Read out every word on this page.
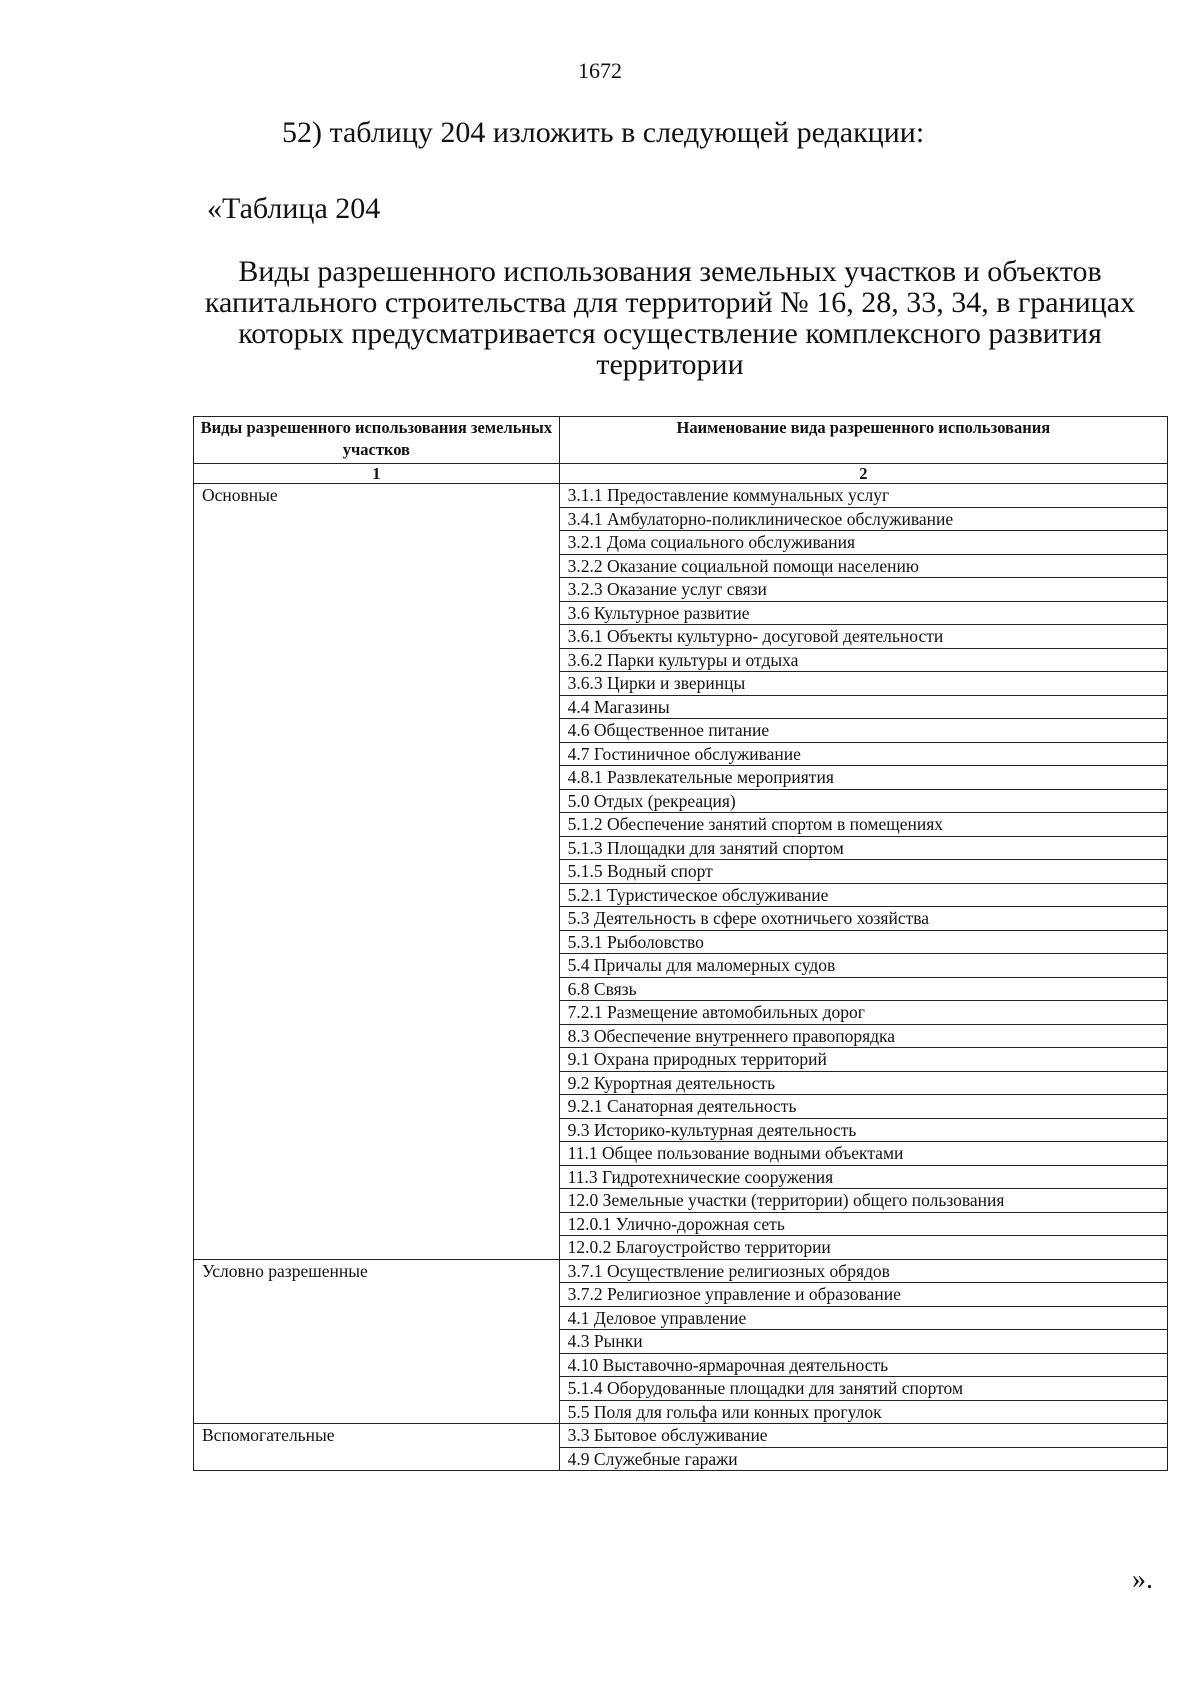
1672
52) таблицу 204 изложить в следующей редакции:
«Таблица 204
Виды разрешенного использования земельных участков и объектов
капитального строительства для территорий № 16, 28, 33, 34, в границах
которых предусматривается осуществление комплексного развития
территории
Виды разрешенного использования земельных участков	Наименование вида разрешенного использования
1	2
Основные	3.1.1 Предоставление коммунальных услуг
	3.4.1 Амбулаторно-поликлиническое обслуживание
	3.2.1 Дома социального обслуживания
	3.2.2 Оказание социальной помощи населению
	3.2.3 Оказание услуг связи
	3.6 Культурное развитие
	3.6.1 Объекты культурно- досуговой деятельности
	3.6.2 Парки культуры и отдыха
	3.6.3 Цирки и зверинцы
	4.4 Магазины
	4.6 Общественное питание
	4.7 Гостиничное обслуживание
	4.8.1 Развлекательные мероприятия
	5.0 Отдых (рекреация)
	5.1.2 Обеспечение занятий спортом в помещениях
	5.1.3 Площадки для занятий спортом
	5.1.5 Водный спорт
	5.2.1 Туристическое обслуживание
	5.3 Деятельность в сфере охотничьего хозяйства
	5.3.1 Рыболовство
	5.4 Причалы для маломерных судов
	6.8 Связь
	7.2.1 Размещение автомобильных дорог
	8.3 Обеспечение внутреннего правопорядка
	9.1 Охрана природных территорий
	9.2 Курортная деятельность
	9.2.1 Санаторная деятельность
	9.3 Историко-культурная деятельность
	11.1 Общее пользование водными объектами
	11.3 Гидротехнические сооружения
	12.0 Земельные участки (территории) общего пользования
	12.0.1 Улично-дорожная сеть
	12.0.2 Благоустройство территории
Условно разрешенные	3.7.1 Осуществление религиозных обрядов
	3.7.2 Религиозное управление и образование
	4.1 Деловое управление
	4.3 Рынки
	4.10 Выставочно-ярмарочная деятельность
	5.1.4 Оборудованные площадки для занятий спортом
	5.5 Поля для гольфа или конных прогулок
Вспомогательные	3.3 Бытовое обслуживание
	4.9 Служебные гаражи
».
